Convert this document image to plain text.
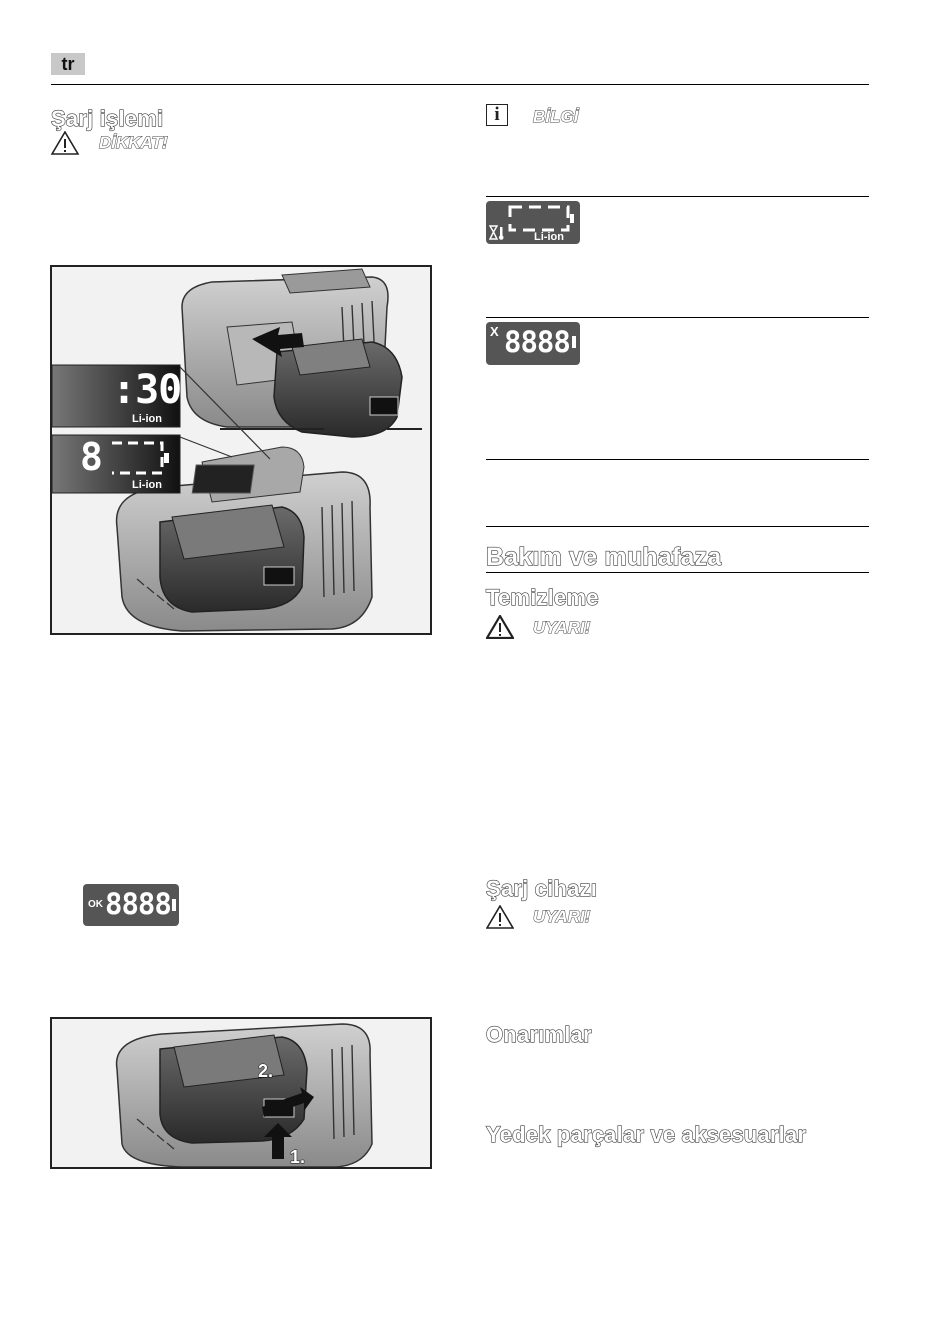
tr
Şarj işlemi
DİKKAT!
:30
Li-ion
8
Li-ion
OK 8888
2.
1.
i	BİLGİ
Li-ion
X 8888
Bakım ve muhafaza
Temizleme
UYARI!
Şarj cihazı
UYARI!
Onarımlar
Yedek parçalar ve aksesuarlar
